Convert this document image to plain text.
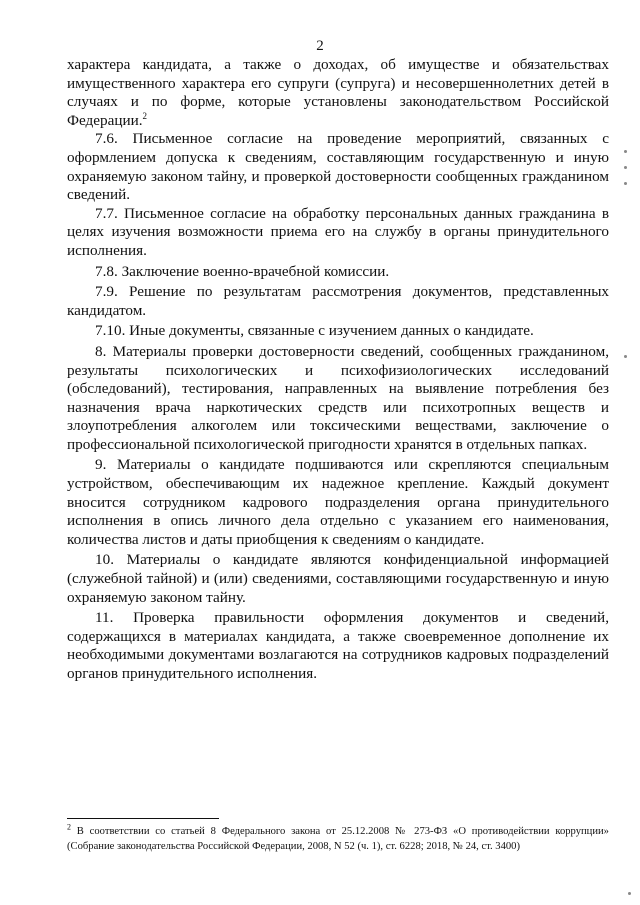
2

характера кандидата, а также о доходах, об имуществе и обязательствах имущественного характера его супруги (супруга) и несовершеннолетних детей в случаях и по форме, которые установлены законодательством Российской Федерации.$^2$

7.6. Письменное согласие на проведение мероприятий, связанных с оформлением допуска к сведениям, составляющим государственную и иную охраняемую законом тайну, и проверкой достоверности сообщенных гражданином сведений.

7.7. Письменное согласие на обработку персональных данных гражданина в целях изучения возможности приема его на службу в органы принудительного исполнения.

7.8. Заключение военно-врачебной комиссии.

7.9. Решение по результатам рассмотрения документов, представленных кандидатом.

7.10. Иные документы, связанные с изучением данных о кандидате.

8. Материалы проверки достоверности сведений, сообщенных гражданином, результаты психологических и психофизиологических исследований (обследований), тестирования, направленных на выявление потребления без назначения врача наркотических средств или психотропных веществ и злоупотребления алкоголем или токсическими веществами, заключение о профессиональной психологической пригодности хранятся в отдельных папках.

9. Материалы о кандидате подшиваются или скрепляются специальным устройством, обеспечивающим их надежное крепление. Каждый документ вносится сотрудником кадрового подразделения органа принудительного исполнения в опись личного дела отдельно с указанием его наименования, количества листов и даты приобщения к сведениям о кандидате.

10. Материалы о кандидате являются конфиденциальной информацией (служебной тайной) и (или) сведениями, составляющими государственную и иную охраняемую законом тайну.

11. Проверка правильности оформления документов и сведений, содержащихся в материалах кандидата, а также своевременное дополнение их необходимыми документами возлагаются на сотрудников кадровых подразделений органов принудительного исполнения.

$^2$ В соответствии со статьей 8 Федерального закона от 25.12.2008 № 273-ФЗ «О противодействии коррупции» (Собрание законодательства Российской Федерации, 2008, N 52 (ч. 1), ст. 6228; 2018, № 24, ст. 3400)
